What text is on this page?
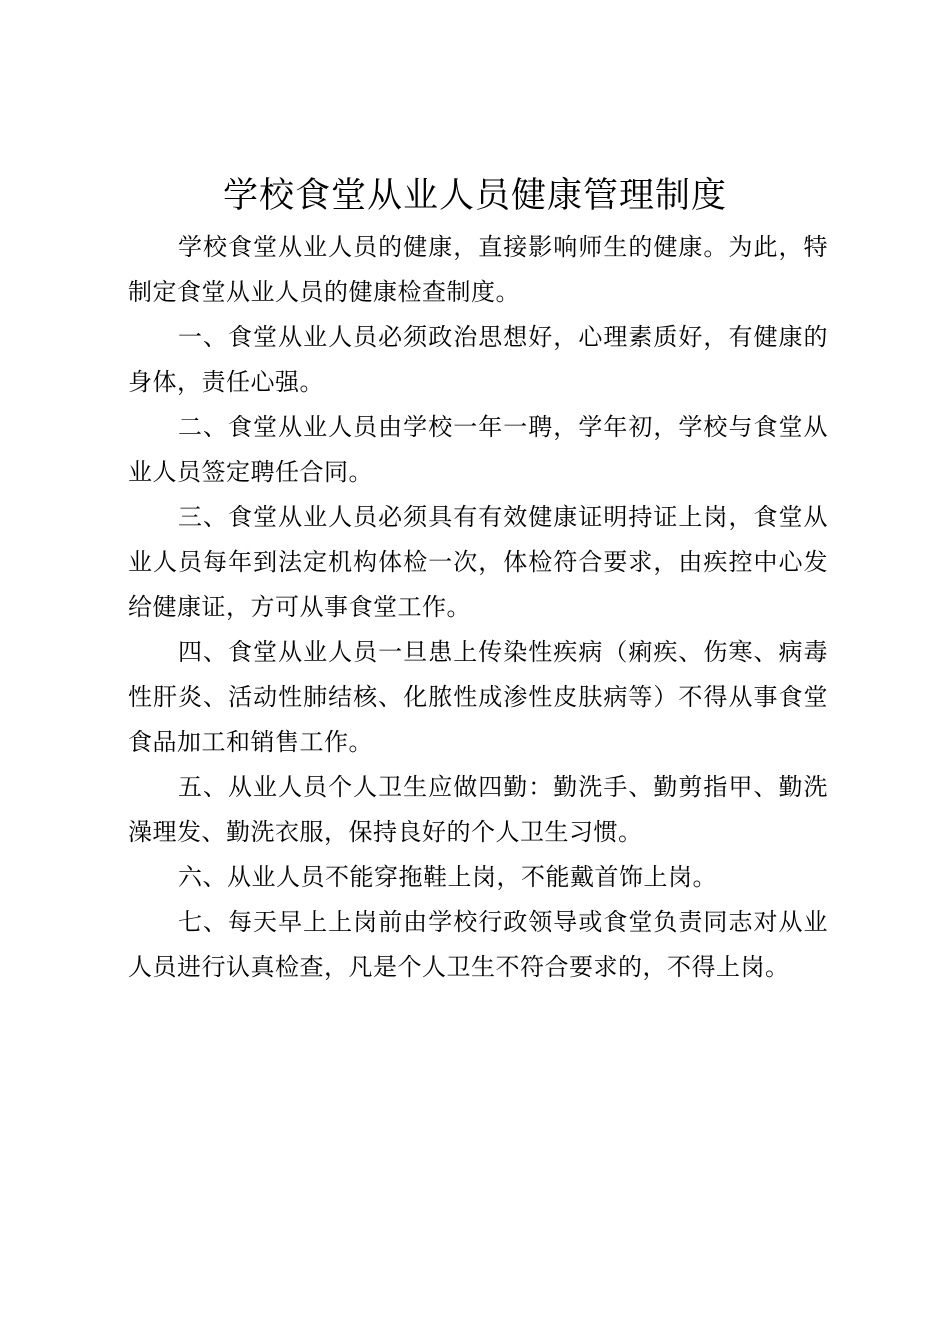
学校食堂从业人员健康管理制度

学校食堂从业人员的健康，直接影响师生的健康。为此，特制定食堂从业人员的健康检查制度。

一、食堂从业人员必须政治思想好，心理素质好，有健康的身体，责任心强。

二、食堂从业人员由学校一年一聘，学年初，学校与食堂从业人员签定聘任合同。

三、食堂从业人员必须具有有效健康证明持证上岗，食堂从业人员每年到法定机构体检一次，体检符合要求，由疾控中心发给健康证，方可从事食堂工作。

四、食堂从业人员一旦患上传染性疾病（痢疾、伤寒、病毒性肝炎、活动性肺结核、化脓性成渗性皮肤病等）不得从事食堂食品加工和销售工作。

五、从业人员个人卫生应做四勤：勤洗手、勤剪指甲、勤洗澡理发、勤洗衣服，保持良好的个人卫生习惯。

六、从业人员不能穿拖鞋上岗，不能戴首饰上岗。

七、每天早上上岗前由学校行政领导或食堂负责同志对从业人员进行认真检查，凡是个人卫生不符合要求的，不得上岗。
